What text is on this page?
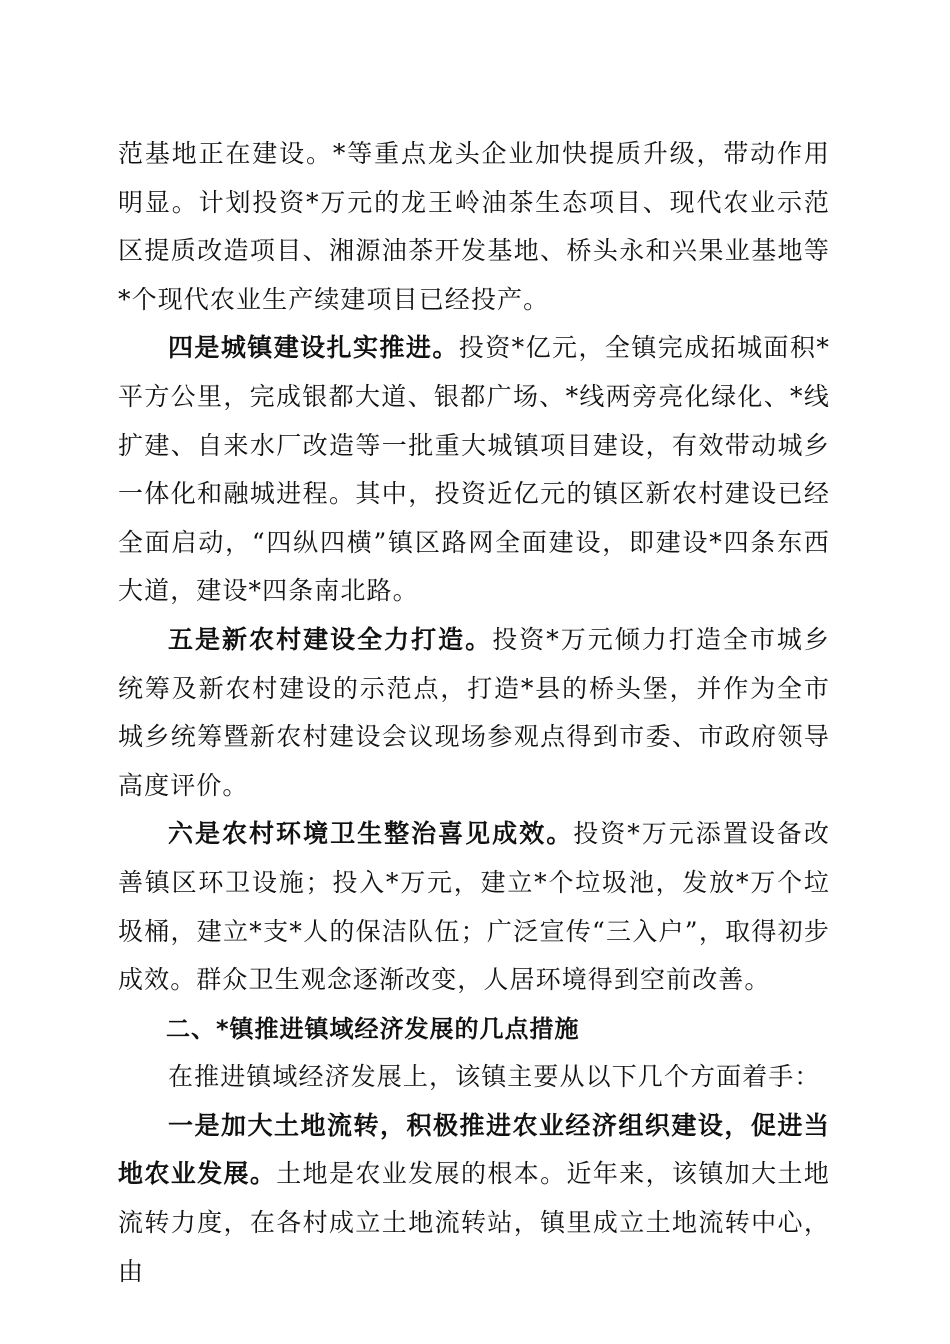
范基地正在建设。*等重点龙头企业加快提质升级，带动作用明显。计划投资*万元的龙王岭油茶生态项目、现代农业示范区提质改造项目、湘源油茶开发基地、桥头永和兴果业基地等*个现代农业生产续建项目已经投产。

四是城镇建设扎实推进。投资*亿元，全镇完成拓城面积*平方公里，完成银都大道、银都广场、*线两旁亮化绿化、*线扩建、自来水厂改造等一批重大城镇项目建设，有效带动城乡一体化和融城进程。其中，投资近亿元的镇区新农村建设已经全面启动，“四纵四横”镇区路网全面建设，即建设*四条东西大道，建设*四条南北路。

五是新农村建设全力打造。投资*万元倾力打造全市城乡统筹及新农村建设的示范点，打造*县的桥头堡，并作为全市城乡统筹暨新农村建设会议现场参观点得到市委、市政府领导高度评价。

六是农村环境卫生整治喜见成效。投资*万元添置设备改善镇区环卫设施；投入*万元，建立*个垃圾池，发放*万个垃圾桶，建立*支*人的保洁队伍；广泛宣传“三入户”，取得初步成效。群众卫生观念逐渐改变，人居环境得到空前改善。

二、*镇推进镇域经济发展的几点措施

在推进镇域经济发展上，该镇主要从以下几个方面着手：

一是加大土地流转，积极推进农业经济组织建设，促进当地农业发展。土地是农业发展的根本。近年来，该镇加大土地流转力度，在各村成立土地流转站，镇里成立土地流转中心，由
